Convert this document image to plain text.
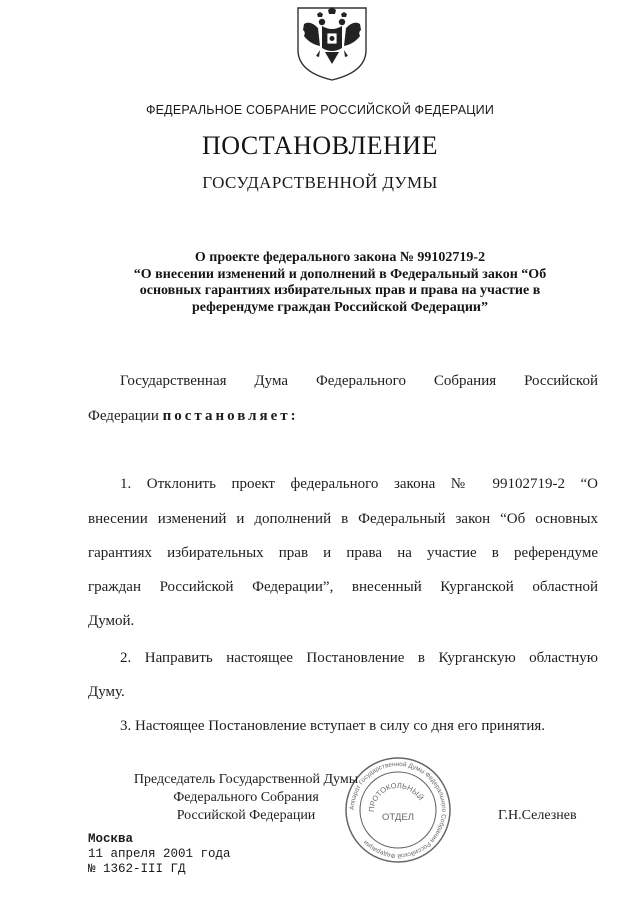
ФЕДЕРАЛЬНОЕ СОБРАНИЕ РОССИЙСКОЙ ФЕДЕРАЦИИ
ПОСТАНОВЛЕНИЕ
ГОСУДАРСТВЕННОЙ ДУМЫ
О проекте федерального закона № 99102719-2
“О внесении изменений и дополнений в Федеральный закон “Об
основных гарантиях избирательных прав и права на участие в
референдуме граждан Российской Федерации”
Государственная Дума Федерального Собрания Российской
Федерации постановляет:
1. Отклонить проект федерального закона № 99102719-2 “О
внесении изменений и дополнений в Федеральный закон “Об основных
гарантиях избирательных прав и права на участие в референдуме
граждан Российской Федерации”, внесенный Курганской областной
Думой.
2. Направить настоящее Постановление в Курганскую областную
Думу.
3. Настоящее Постановление вступает в силу со дня его принятия.
Аппарат Государственной Думы Федерального Собрания Российской Федерации
ПРОТОКОЛЬНЫЙ
ОТДЕЛ
Председатель Государственной Думы
Федерального Собрания
Российской Федерации	Г.Н.Селезнев
Москва
11 апреля 2001 года
№ 1362-III ГД
